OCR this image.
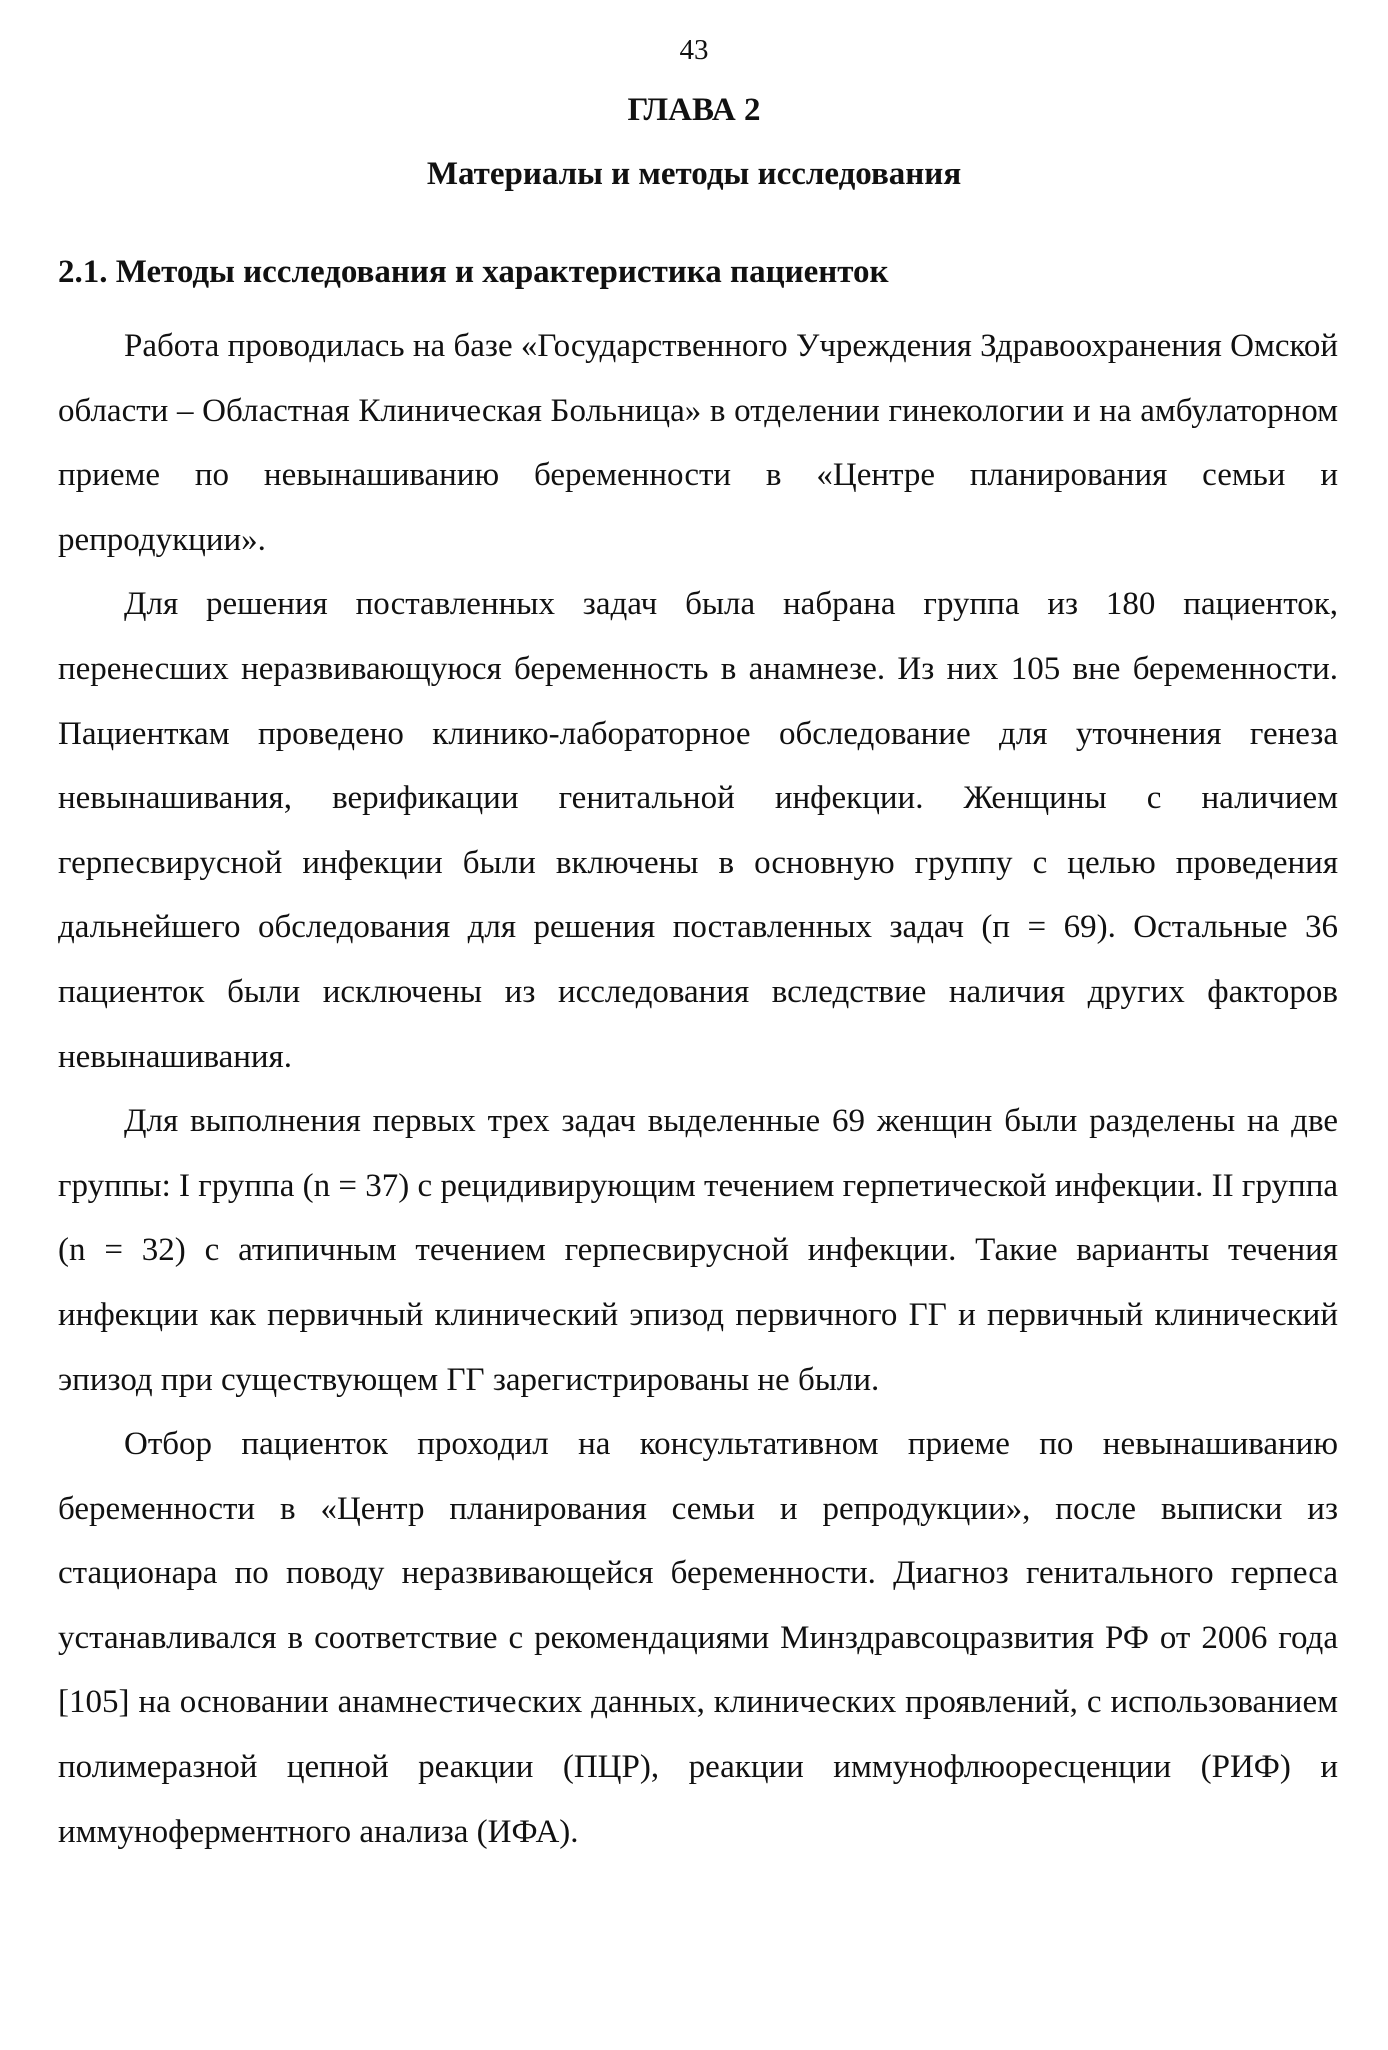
43
ГЛАВА 2
Материалы и методы исследования
2.1. Методы исследования и характеристика пациенток

Работа проводилась на базе «Государственного Учреждения Здравоохранения Омской области – Областная Клиническая Больница» в отделении гинекологии и на амбулаторном приеме по невынашиванию беременности в «Центре планирования семьи и репродукции».

Для решения поставленных задач была набрана группа из 180 пациенток, перенесших неразвивающуюся беременность в анамнезе. Из них 105 вне беременности. Пациенткам проведено клинико-лабораторное обследование для уточнения генеза невынашивания, верификации генитальной инфекции. Женщины с наличием герпесвирусной инфекции были включены в основную группу с целью проведения дальнейшего обследования для решения поставленных задач (п = 69). Остальные 36 пациенток были исключены из исследования вследствие наличия других факторов невынашивания.

Для выполнения первых трех задач выделенные 69 женщин были разделены на две группы: I группа (n = 37) с рецидивирующим течением герпетической инфекции. II группа (n = 32) с атипичным течением герпесвирусной инфекции. Такие варианты течения инфекции как первичный клинический эпизод первичного ГГ и первичный клинический эпизод при существующем ГГ зарегистрированы не были.

Отбор пациенток проходил на консультативном приеме по невынашиванию беременности в «Центр планирования семьи и репродукции», после выписки из стационара по поводу неразвивающейся беременности. Диагноз генитального герпеса устанавливался в соответствие с рекомендациями Минздравсоцразвития РФ от 2006 года [105] на основании анамнестических данных, клинических проявлений, с использованием полимеразной цепной реакции (ПЦР), реакции иммунофлюоресценции (РИФ) и иммуноферментного анализа (ИФА).
